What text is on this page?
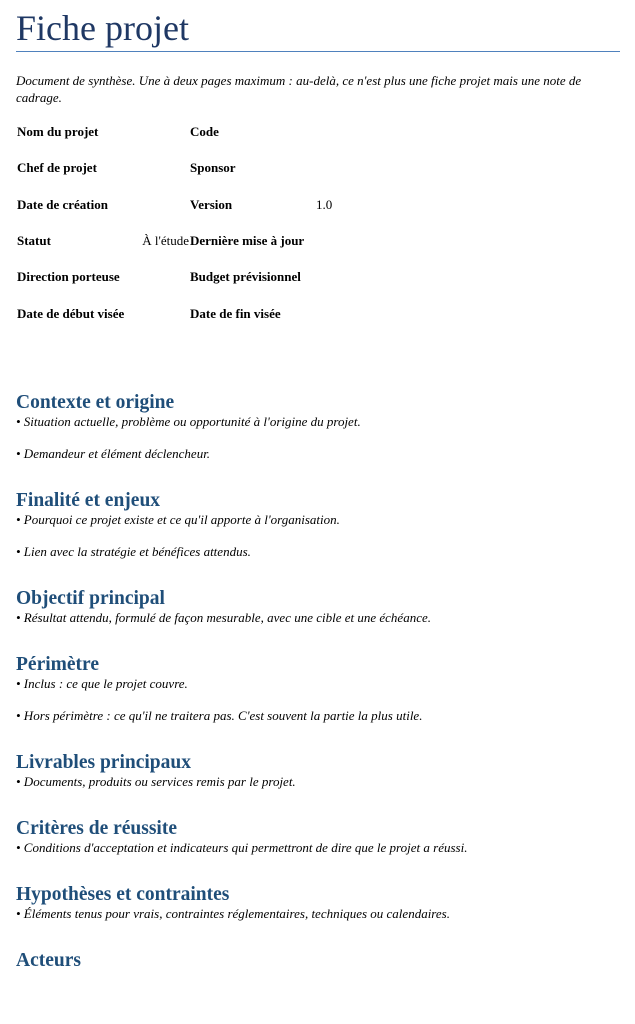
Fiche projet

Document de synthèse. Une à deux pages maximum : au-delà, ce n'est plus une fiche projet mais une note de cadrage.

Nom du projet		Code	
Chef de projet		Sponsor	
Date de création		Version	1.0
Statut	À l'étude	Dernière mise à jour	
Direction porteuse		Budget prévisionnel	
Date de début visée		Date de fin visée	
Contexte et origine

• Situation actuelle, problème ou opportunité à l'origine du projet.

• Demandeur et élément déclencheur.

Finalité et enjeux

• Pourquoi ce projet existe et ce qu'il apporte à l'organisation.

• Lien avec la stratégie et bénéfices attendus.

Objectif principal

• Résultat attendu, formulé de façon mesurable, avec une cible et une échéance.

Périmètre

• Inclus : ce que le projet couvre.

• Hors périmètre : ce qu'il ne traitera pas. C'est souvent la partie la plus utile.

Livrables principaux

• Documents, produits ou services remis par le projet.

Critères de réussite

• Conditions d'acceptation et indicateurs qui permettront de dire que le projet a réussi.

Hypothèses et contraintes

• Éléments tenus pour vrais, contraintes réglementaires, techniques ou calendaires.

Acteurs
